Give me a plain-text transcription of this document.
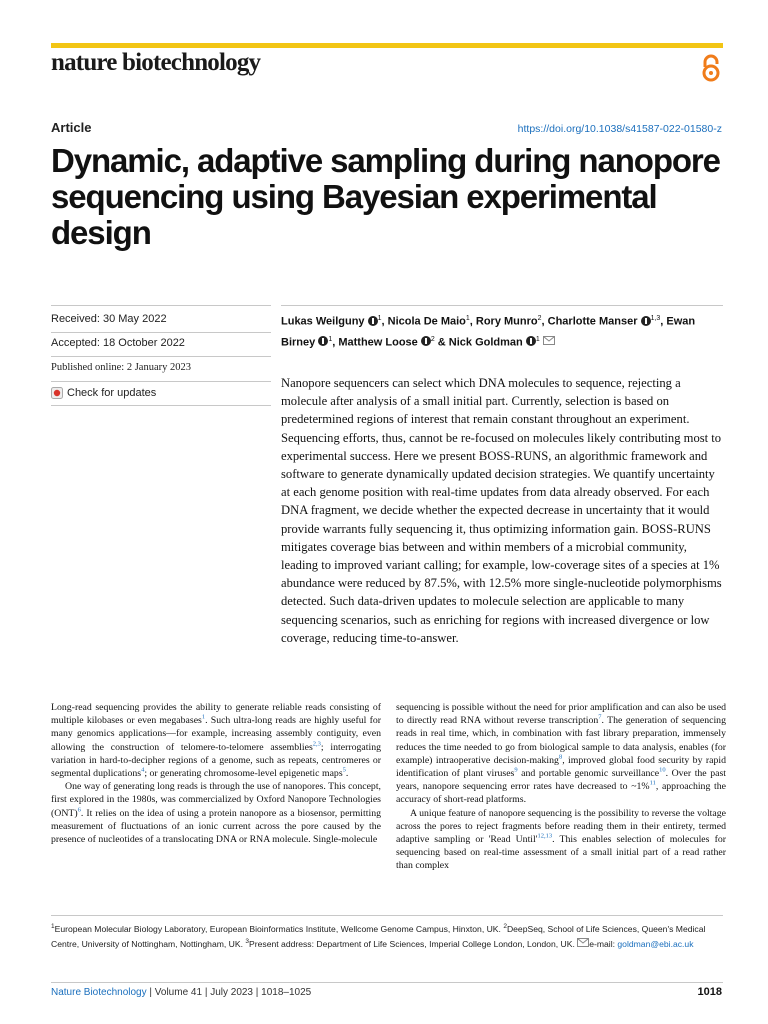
nature biotechnology
Article	https://doi.org/10.1038/s41587-022-01580-z
Dynamic, adaptive sampling during nanopore sequencing using Bayesian experimental design
Received: 30 May 2022
Accepted: 18 October 2022
Published online: 2 January 2023
Check for updates
Lukas Weilguny $^1$, Nicola De Maio$^1$, Rory Munro$^2$, Charlotte Manser $^{1,3}$, Ewan Birney $^1$, Matthew Loose $^2$ & Nick Goldman $^1$
Nanopore sequencers can select which DNA molecules to sequence, rejecting a molecule after analysis of a small initial part. Currently, selection is based on predetermined regions of interest that remain constant throughout an experiment. Sequencing efforts, thus, cannot be re-focused on molecules likely contributing most to experimental success. Here we present BOSS-RUNS, an algorithmic framework and software to generate dynamically updated decision strategies. We quantify uncertainty at each genome position with real-time updates from data already observed. For each DNA fragment, we decide whether the expected decrease in uncertainty that it would provide warrants fully sequencing it, thus optimizing information gain. BOSS-RUNS mitigates coverage bias between and within members of a microbial community, leading to improved variant calling; for example, low-coverage sites of a species at 1% abundance were reduced by 87.5%, with 12.5% more single-nucleotide polymorphisms detected. Such data-driven updates to molecule selection are applicable to many sequencing scenarios, such as enriching for regions with increased divergence or low coverage, reducing time-to-answer.

Long-read sequencing provides the ability to generate reliable reads consisting of multiple kilobases or even megabases$^1$. Such ultra-long reads are highly useful for many genomics applications—for example, increasing assembly contiguity, even allowing the construction of telomere-to-telomere assemblies$^{2,3}$; interrogating variation in hard-to-decipher regions of a genome, such as repeats, centromeres or segmental duplications$^4$; or generating chromosome-level epigenetic maps$^5$.

One way of generating long reads is through the use of nanopores. This concept, first explored in the 1980s, was commercialized by Oxford Nanopore Technologies (ONT)$^6$. It relies on the idea of using a protein nanopore as a biosensor, permitting measurement of fluctuations of an ionic current across the pore caused by the presence of nucleotides of a translocating DNA or RNA molecule. Single-molecule

sequencing is possible without the need for prior amplification and can also be used to directly read RNA without reverse transcription$^7$. The generation of sequencing reads in real time, which, in combination with fast library preparation, immensely reduces the time needed to go from biological sample to data analysis, enables (for example) intraoperative decision-making$^8$, improved global food security by rapid identification of plant viruses$^9$ and portable genomic surveillance$^{10}$. Over the past years, nanopore sequencing error rates have decreased to ~1%$^{11}$, approaching the accuracy of short-read platforms.

A unique feature of nanopore sequencing is the possibility to reverse the voltage across the pores to reject fragments before reading them in their entirety, termed adaptive sampling or 'Read $Until'^{12,13}$. This enables selection of molecules for sequencing based on real-time assessment of a small initial part of a read rather than complex

$^1$European Molecular Biology Laboratory, European Bioinformatics Institute, Wellcome Genome Campus, Hinxton, UK. $^2$DeepSeq, School of Life Sciences, Queen's Medical Centre, University of Nottingham, Nottingham, UK. $^3$Present address: Department of Life Sciences, Imperial College London, London, UK. e-mail: goldman@ebi.ac.uk
Nature Biotechnology | Volume 41 | July 2023 | 1018–1025	1018
